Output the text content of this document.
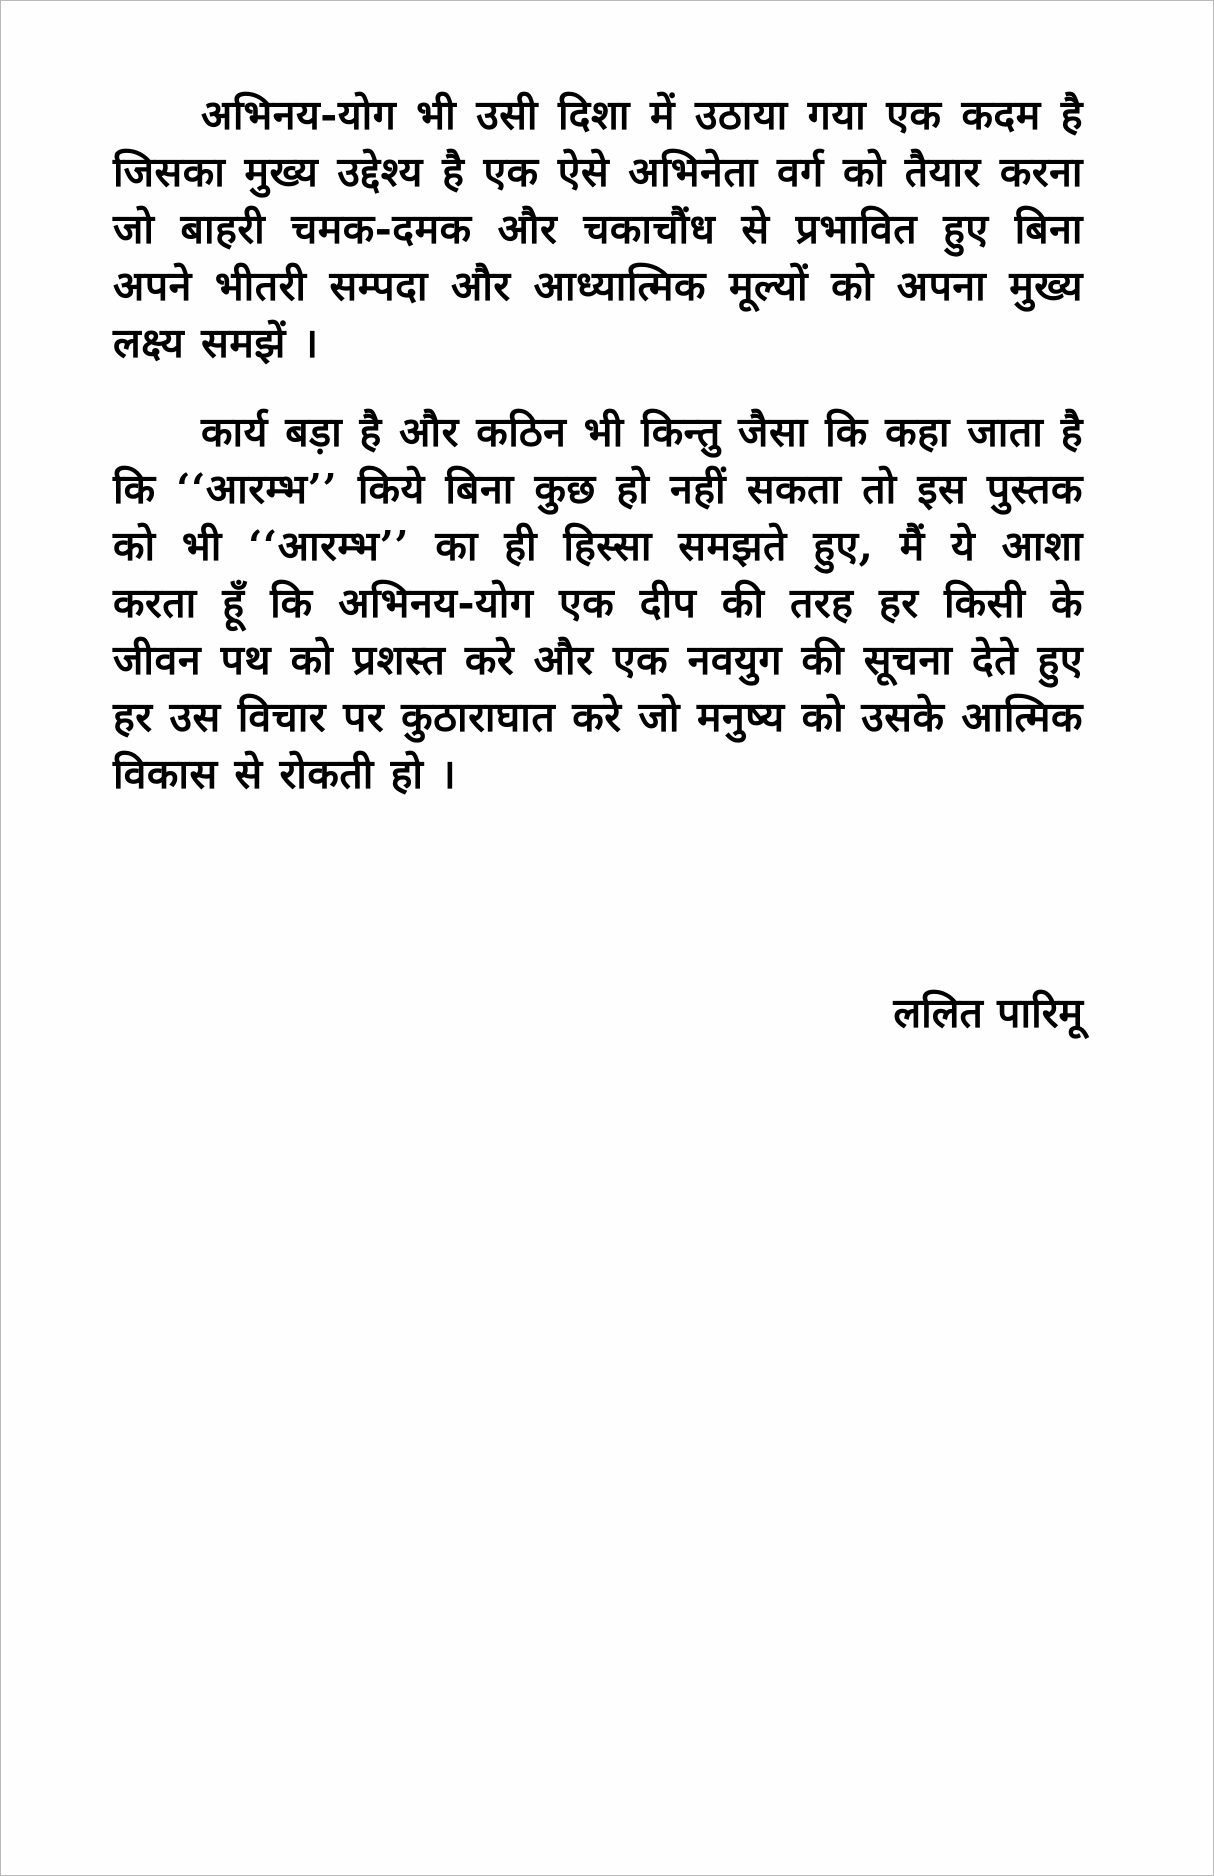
अभिनय-योग भी उसी दिशा में उठाया गया एक कदम है जिसका मुख्य उद्देश्य है एक ऐसे अभिनेता वर्ग को तैयार करना जो बाहरी चमक-दमक और चकाचौंध से प्रभावित हुए बिना अपने भीतरी सम्पदा और आध्यात्मिक मूल्यों को अपना मुख्य लक्ष्य समझें ।

कार्य बड़ा है और कठिन भी किन्तु जैसा कि कहा जाता है कि ‘‘आरम्भ’’ किये बिना कुछ हो नहीं सकता तो इस पुस्तक को भी ‘‘आरम्भ’’ का ही हिस्सा समझते हुए, मैं ये आशा करता हूँ कि अभिनय-योग एक दीप की तरह हर किसी के जीवन पथ को प्रशस्त करे और एक नवयुग की सूचना देते हुए हर उस विचार पर कुठाराघात करे जो मनुष्य को उसके आत्मिक विकास से रोकती हो ।

ललित पारिमू
